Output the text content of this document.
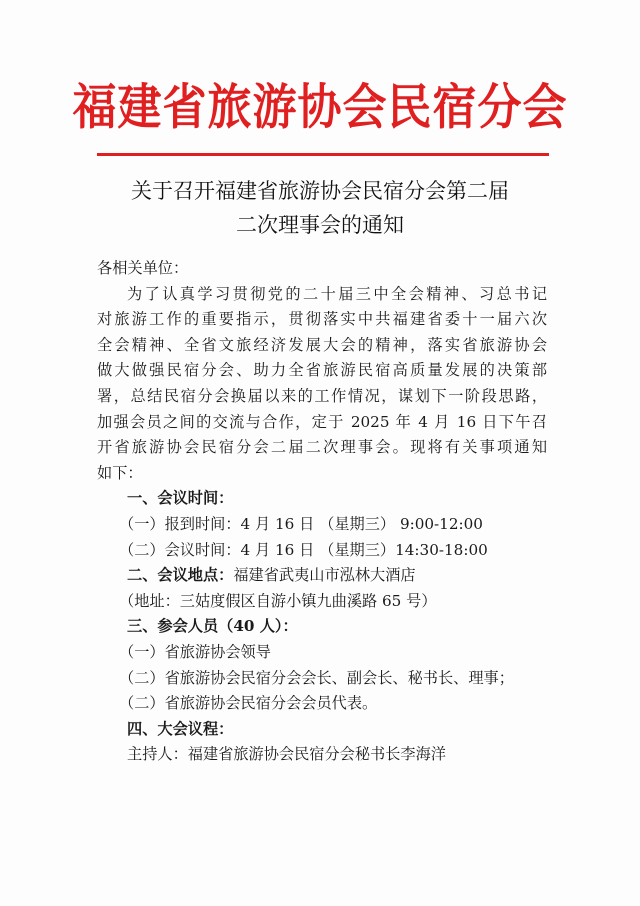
福建省旅游协会民宿分会
关于召开福建省旅游协会民宿分会第二届
二次理事会的通知
各相关单位：
为了认真学习贯彻党的二十届三中全会精神、习总书记
对旅游工作的重要指示，贯彻落实中共福建省委十一届六次
全会精神、全省文旅经济发展大会的精神，落实省旅游协会
做大做强民宿分会、助力全省旅游民宿高质量发展的决策部
署，总结民宿分会换届以来的工作情况，谋划下一阶段思路，
加强会员之间的交流与合作，定于 2025 年 4 月 16 日下午召
开省旅游协会民宿分会二届二次理事会。现将有关事项通知
如下：
一、会议时间：
（一）报到时间：4 月 16 日 （星期三） 9:00-12:00
（二）会议时间：4 月 16 日 （星期三）14:30-18:00
二、会议地点：福建省武夷山市泓林大酒店
（地址：三姑度假区自游小镇九曲溪路 65 号）
三、参会人员（40 人）：
（一）省旅游协会领导
（二）省旅游协会民宿分会会长、副会长、秘书长、理事；
（二）省旅游协会民宿分会会员代表。
四、大会议程：
主持人：福建省旅游协会民宿分会秘书长李海洋
